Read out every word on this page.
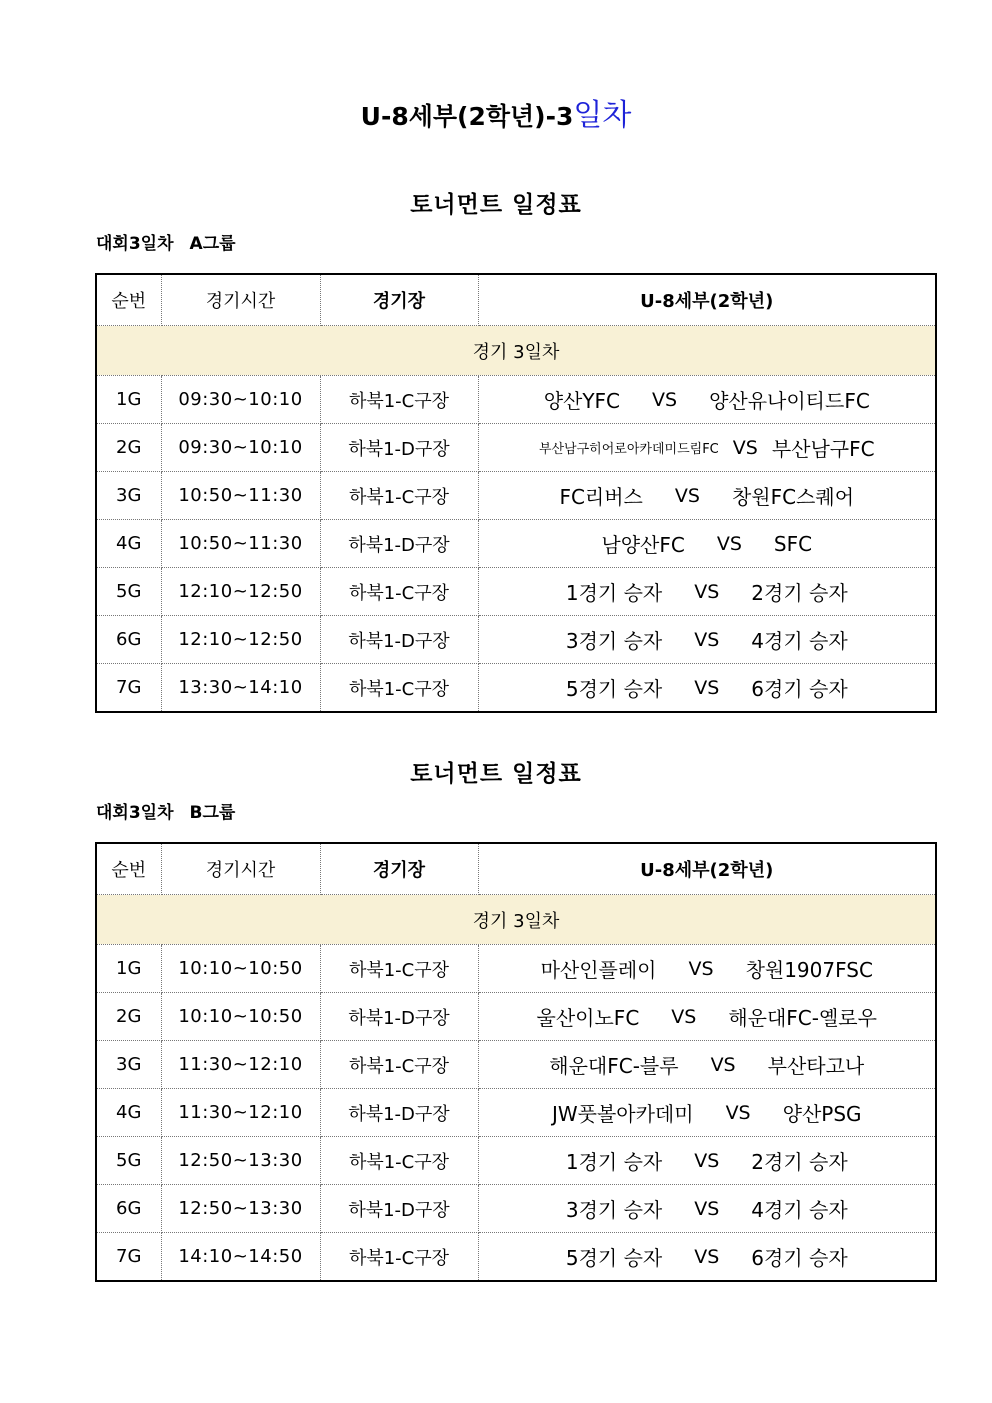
U-8세부(2학년)-3일차
토너먼트 일정표
대회3일차 A그룹
순번	경기시간	경기장	U-8세부(2학년)
경기 3일차			
1G	09:30~10:10	하북1-C구장	양산YFC VS 양산유나이티드FC

2G	09:30~10:10	하북1-D구장	부산남구히어로아카데미드림FC VS 부산남구FC

3G	10:50~11:30	하북1-C구장	FC리버스 VS 창원FC스퀘어

4G	10:50~11:30	하북1-D구장	남양산FC VS SFC

5G	12:10~12:50	하북1-C구장	1경기 승자 VS 2경기 승자

6G	12:10~12:50	하북1-D구장	3경기 승자 VS 4경기 승자

7G	13:30~14:10	하북1-C구장	5경기 승자 VS 6경기 승자
토너먼트 일정표
대회3일차 B그룹
순번	경기시간	경기장	U-8세부(2학년)
경기 3일차			
1G	10:10~10:50	하북1-C구장	마산인플레이 VS 창원1907FSC

2G	10:10~10:50	하북1-D구장	울산이노FC VS 해운대FC-옐로우

3G	11:30~12:10	하북1-C구장	해운대FC-블루 VS 부산타고나

4G	11:30~12:10	하북1-D구장	JW풋볼아카데미 VS 양산PSG

5G	12:50~13:30	하북1-C구장	1경기 승자 VS 2경기 승자

6G	12:50~13:30	하북1-D구장	3경기 승자 VS 4경기 승자

7G	14:10~14:50	하북1-C구장	5경기 승자 VS 6경기 승자
